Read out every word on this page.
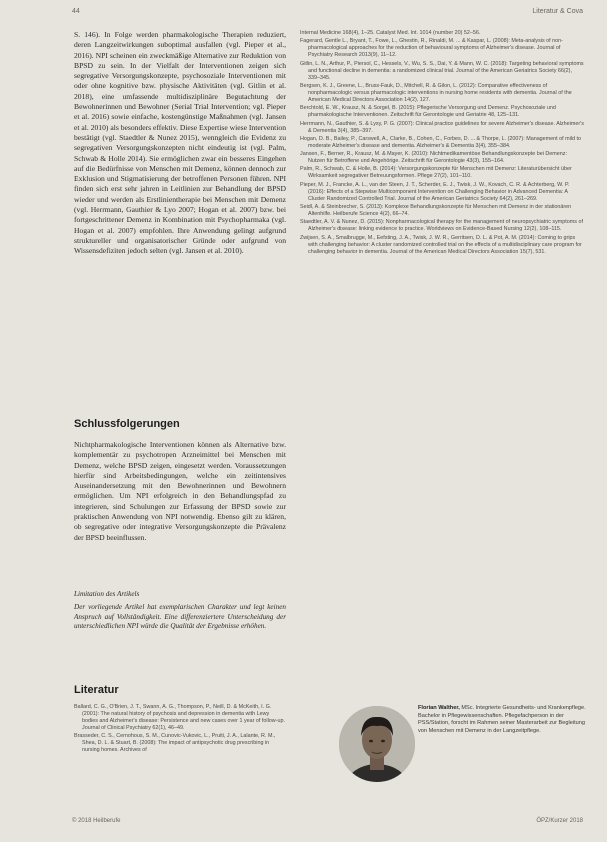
44	Literatur & Cova

S. 146). In Folge werden pharmakologische Therapien reduziert, deren Langzeitwirkungen suboptimal ausfallen (vgl. Pieper et al., 2016). NPI scheinen ein zweckmäßige Alternative zur Reduktion von BPSD zu sein. In der Vielfalt der Interventionen zeigen sich segregative Versorgungskonzepte, psychosoziale Interventionen mit oder ohne kognitive bzw. physische Aktivitäten (vgl. Gitlin et al. 2018), eine umfassende multidisziplinäre Begutachtung der Bewohnerinnen und Bewohner (Serial Trial Intervention; vgl. Pieper et al. 2016) sowie einfache, kostengünstige Maßnahmen (vgl. Jansen et al. 2010) als besonders effektiv. Diese Expertise wiese Intervention bestätigt (vgl. Staedtler & Nunez 2015), wenngleich die Evidenz zu segregativen Versorgungskonzepten nicht eindeutig ist (vgl. Palm, Schwab & Holle 2014). Sie ermöglichen zwar ein besseres Eingehen auf die Bedürfnisse von Menschen mit Demenz, können dennoch zur Exklusion und Stigmatisierung der betroffenen Personen führen. NPI finden sich erst sehr jahren in Leitlinien zur Behandlung der BPSD wieder und werden als Erstlinientherapie bei Menschen mit Demenz (vgl. Herrmann, Gauthier & Lyo 2007; Hogan et al. 2007) bzw. bei fortgeschrittener Demenz in Kombination mit Psychopharmaka (vgl. Hogan et al. 2007) empfohlen. Ihre Anwendung gelingt aufgrund struktureller und organisatorischer Gründe oder aufgrund von Wissensdefiziten jedoch selten (vgl. Jansen et al. 2010).

Schlussfolgerungen

Nichtpharmakologische Interventionen können als Alternative bzw. komplementär zu psychotropen Arzneimittel bei Menschen mit Demenz, welche BPSD zeigen, eingesetzt werden. Voraussetzungen hierfür sind Arbeitsbedingungen, welche ein zeitintensives Auseinandersetzung mit den Bewohnerinnen und Bewohnern ermöglichen. Um NPI erfolgreich in den Behandlungspfad zu integrieren, sind Schulungen zur Erfassung der BPSD sowie zur praktischen Anwendung von NPI notwendig. Ebenso gilt zu klären, ob segregative oder integrative Versorgungskonzepte die Prävalenz der BPSD beeinflussen.

Limitation des Artikels
Der vorliegende Artikel hat exemplarischen Charakter und legt keinen Anspruch auf Vollständigkeit. Eine differenziertere Unterscheidung der unterschiedlichen NPI würde die Qualität der Ergebnisse erhöhen.
Literatur

Ballard, C. G., O'Brien, J. T., Swann, A. G., Thompson, P., Neill, D. & McKeith, I. G. (2001): The natural history of psychosis and depression in dementia with Lewy bodies and Alzheimer's disease: Persistence and new cases over 1 year of follow-up. Journal of Clinical Psychiatry 62(1), 46–49.

Brasseder, C. S., Cernohous, S. M., Cunovic-Vukovic, L., Pruiti, J. A., Lalante, R. M., Shea, D. L. & Stuart, B. (2008): The impact of antipsychotic drug prescribing in nursing homes. Archives of

Internal Medicine 168(4), 1–25. Catalyst Med. Int. 1014 (number 20) 52–56.

Fagerard, Gentle L., Bryant, T., Fowe, L., Ghestin, R., Rinaldi, M. ... & Kaspar, L. (2008): Meta-analysis of non-pharmacological approaches for the reduction of behavioural symptoms of Alzheimer's disease. Journal of Psychiatry Research 2013(9), 11–12.

Gitlin, L. N., Arthur, P., Piersol, C., Hessels, V., Wu, S. S., Dai, Y. & Mann, W. C. (2018): Targeting behavioral symptoms and functional decline in dementia: a randomized clinical trial. Journal of the American Geriatrics Society 66(2), 339–345.

Bergsen, K. J., Greene, L., Bruss-Fauk, D., Mitchell, R. & Gilon, L. (2012): Comparative effectiveness of nonpharmacologic versus pharmacologic interventions in nursing home residents with dementia. Journal of the American Medical Directors Association 14(2), 127.

Berchtold, E. W., Krausz, N. & Sorgel, B. (2015): Pflegerische Versorgung und Demenz. Psychosoziale und pharmakologische Interventionen. Zeitschrift für Gerontologie und Geriatrie 48, 125–131.

Herrmann, N., Gauthier, S. & Lysy, P. G. (2007): Clinical practice guidelines for severe Alzheimer's disease. Alzheimer's & Dementia 3(4), 385–397.

Hogan, D. B., Bailey, P., Carswell, A., Clarke, B., Cohen, C., Forbes, D. ... & Thorpe, L. (2007): Management of mild to moderate Alzheimer's disease and dementia. Alzheimer's & Dementia 3(4), 355–384.

Jansen, F., Berner, R., Krausz, M. & Mayer, K. (2010): Nichtmedikamentöse Behandlungskonzepte bei Demenz: Nutzen für Betroffene und Angehörige. Zeitschrift für Gerontologie 43(3), 155–164.

Palm, R., Schwab, C. & Holle, B. (2014): Versorgungskonzepte für Menschen mit Demenz: Literaturübersicht über Wirksamkeit segregativer Betreuungsformen. Pflege 27(2), 101–110.

Pieper, M. J., Francke, A. L., van der Steen, J. T., Scherder, E. J., Twisk, J. W., Kovach, C. R. & Achterberg, W. P. (2016): Effects of a Stepwise Multicomponent Intervention on Challenging Behavior in Advanced Dementia: A Cluster Randomized Controlled Trial. Journal of the American Geriatrics Society 64(2), 261–269.

Seidl, A. & Steinbrecher, S. (2013): Komplexe Behandlungskonzepte für Menschen mit Demenz in der stationären Altenhilfe. Heilberufe Science 4(2), 66–74.

Staedtler, A. V. & Nunez, D. (2015): Nonpharmacological therapy for the management of neuropsychiatric symptoms of Alzheimer's disease: linking evidence to practice. Worldviews on Evidence-Based Nursing 12(2), 108–115.

Zwijsen, S. A., Smalbrugge, M., Eefsting, J. A., Twisk, J. W. R., Gerritsen, D. L. & Pot, A. M. (2014): Coming to grips with challenging behavior: A cluster randomized controlled trial on the effects of a multidisciplinary care program for challenging behavior in dementia. Journal of the American Medical Directors Association 15(7), 531.

Florian Walther, MSc. Integrierte Gesundheits- und Krankenpflege. Bachelor in Pflegewissenschaften. Pflegefachperson in der PSS/Station, forscht im Rahmen seiner Masterarbeit zur Begleitung von Menschen mit Demenz in der Langzeitpflege.
© 2018 Heilberufe	ÖPZ/Kurzer 2018
